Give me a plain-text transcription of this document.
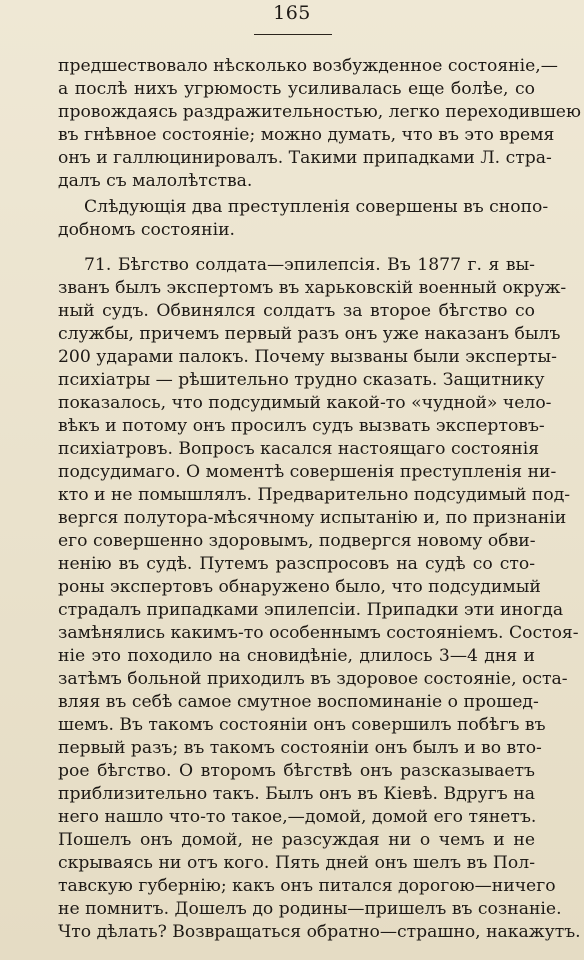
165
предшествовало нѣсколько возбужденное состоянiе,—
а послѣ нихъ угрюмость усиливалась еще болѣе, со
провождаясь раздражительностью, легко переходившею
въ гнѣвное состоянiе; можно думать, что въ это время
онъ и галлюцинировалъ. Такими припадками Л. стра-
далъ съ малолѣтства.
Слѣдующiя два преступленiя совершены въ снопо-
добномъ состоянiи.
71. Бѣгство солдата—эпилепсiя. Въ 1877 г. я вы-
званъ былъ экспертомъ въ харьковскiй военный окруж-
ный судъ. Обвинялся солдатъ за второе бѣгство со
службы, причемъ первый разъ онъ уже наказанъ былъ
200 ударами палокъ. Почему вызваны были эксперты-
психiатры — рѣшительно трудно сказать. Защитнику
показалось, что подсудимый какой-то «чудной» чело-
вѣкъ и потому онъ просилъ судъ вызвать экспертовъ-
психiатровъ. Вопросъ касался настоящаго состоянiя
подсудимаго. О моментѣ совершенiя преступленiя ни-
кто и не помышлялъ. Предварительно подсудимый под-
вергся полутора-мѣсячному испытанiю и, по признанiи
его совершенно здоровымъ, подвергся новому обви-
ненiю въ судѣ. Путемъ разспросовъ на судѣ со сто-
роны экспертовъ обнаружено было, что подсудимый
страдалъ припадками эпилепсiи. Припадки эти иногда
замѣнялись какимъ-то особеннымъ состоянiемъ. Состоя-
нiе это походило на сновидѣнiе, длилось 3—4 дня и
затѣмъ больной приходилъ въ здоровое состоянiе, оста-
вляя въ себѣ самое смутное воспоминанiе о прошед-
шемъ. Въ такомъ состоянiи онъ совершилъ побѣгъ въ
первый разъ; въ такомъ состоянiи онъ былъ и во вто-
рое бѣгство. О второмъ бѣгствѣ онъ разсказываетъ
приблизительно такъ. Былъ онъ въ Кiевѣ. Вдругъ на
него нашло что-то такое,—домой, домой его тянетъ.
Пошелъ онъ домой, не разсуждая ни о чемъ и не
скрываясь ни отъ кого. Пять дней онъ шелъ въ Пол-
тавскую губернiю; какъ онъ питался дорогою—ничего
не помнитъ. Дошелъ до родины—пришелъ въ сознанiе.
Что дѣлать? Возвращаться обратно—страшно, накажутъ.
